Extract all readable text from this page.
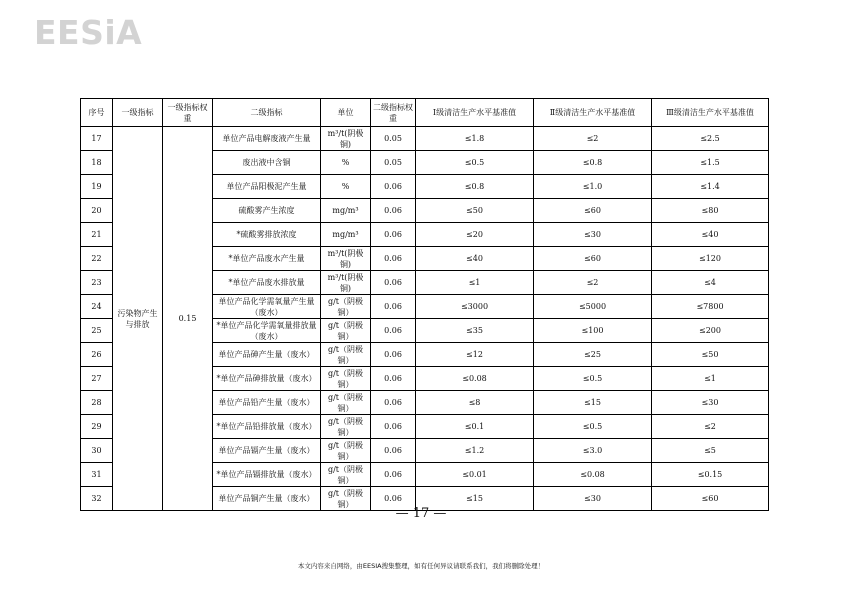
EESiA
序号	一级指标	一级指标权重	二级指标	单位	二级指标权重	Ⅰ级清洁生产水平基准值	Ⅱ级清洁生产水平基准值	Ⅲ级清洁生产水平基准值
17	污染物产生与排放	0.15	单位产品电解废液产生量	m³/t(阴极铜)	0.05	≤1.8	≤2	≤2.5
18			废出液中含铜	%	0.05	≤0.5	≤0.8	≤1.5
19			单位产品阳极泥产生量	%	0.06	≤0.8	≤1.0	≤1.4
20			硫酸雾产生浓度	mg/m³	0.06	≤50	≤60	≤80
21			*硫酸雾排放浓度	mg/m³	0.06	≤20	≤30	≤40
22			*单位产品废水产生量	m³/t(阴极铜)	0.06	≤40	≤60	≤120
23			*单位产品废水排放量	m³/t(阴极铜)	0.06	≤1	≤2	≤4
24			单位产品化学需氧量产生量（废水）	g/t（阴极铜）	0.06	≤3000	≤5000	≤7800
25			*单位产品化学需氧量排放量（废水）	g/t（阴极铜）	0.06	≤35	≤100	≤200
26			单位产品砷产生量（废水）	g/t（阴极铜）	0.06	≤12	≤25	≤50
27			*单位产品砷排放量（废水）	g/t（阴极铜）	0.06	≤0.08	≤0.5	≤1
28			单位产品铅产生量（废水）	g/t（阴极铜）	0.06	≤8	≤15	≤30
29			*单位产品铅排放量（废水）	g/t（阴极铜）	0.06	≤0.1	≤0.5	≤2
30			单位产品镉产生量（废水）	g/t（阴极铜）	0.06	≤1.2	≤3.0	≤5
31			*单位产品镉排放量（废水）	g/t（阴极铜）	0.06	≤0.01	≤0.08	≤0.15
32			单位产品铜产生量（废水）	g/t（阴极铜）	0.06	≤15	≤30	≤60
— 17 —
本文内容来自网络，由EESIA搜集整理，如有任何异议请联系我们，我们将删除处理！
